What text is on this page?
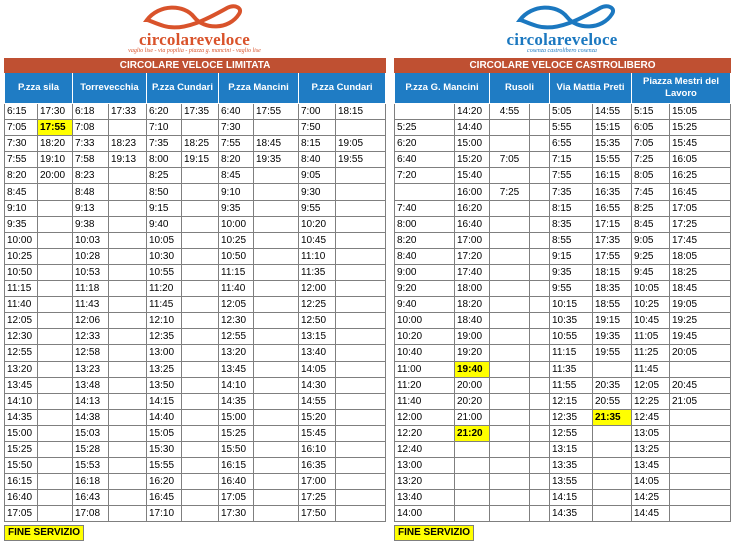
circolareveloce
vaglio lise - via popilia - piazza g. mancini - vaglio lise
CIRCOLARE VELOCE LIMITATA									
P.zza sila		Torrevecchia		P.zza Cundari		P.zza Mancini		P.zza Cundari	
6:15	17:30	6:18	17:33	6:20	17:35	6:40	17:55	7:00	18:15
7:05	17:55	7:08		7:10		7:30		7:50	
7:30	18:20	7:33	18:23	7:35	18:25	7:55	18:45	8:15	19:05
7:55	19:10	7:58	19:13	8:00	19:15	8:20	19:35	8:40	19:55
8:20	20:00	8:23		8:25		8:45		9:05	
8:45		8:48		8:50		9:10		9:30	
9:10		9:13		9:15		9:35		9:55	
9:35		9:38		9:40		10:00		10:20	
10:00		10:03		10:05		10:25		10:45	
10:25		10:28		10:30		10:50		11:10	
10:50		10:53		10:55		11:15		11:35	
11:15		11:18		11:20		11:40		12:00	
11:40		11:43		11:45		12:05		12:25	
12:05		12:06		12:10		12:30		12:50	
12:30		12:33		12:35		12:55		13:15	
12:55		12:58		13:00		13:20		13:40	
13:20		13:23		13:25		13:45		14:05	
13:45		13:48		13:50		14:10		14:30	
14:10		14:13		14:15		14:35		14:55	
14:35		14:38		14:40		15:00		15:20	
15:00		15:03		15:05		15:25		15:45	
15:25		15:28		15:30		15:50		16:10	
15:50		15:53		15:55		16:15		16:35	
16:15		16:18		16:20		16:40		17:00	
16:40		16:43		16:45		17:05		17:25	
17:05		17:08		17:10		17:30		17:50	
FINE SERVIZIO
circolareveloce
cosenza castrolibero cosenza
CIRCOLARE VELOCE CASTROLIBERO							
P.zza G. Mancini		Rusoli		Via Mattia Preti		Piazza Mestri del Lavoro	
	14:20	4:55		5:05	14:55	5:15	15:05
5:25	14:40			5:55	15:15	6:05	15:25
6:20	15:00			6:55	15:35	7:05	15:45
6:40	15:20	7:05		7:15	15:55	7:25	16:05
7:20	15:40			7:55	16:15	8:05	16:25
	16:00	7:25		7:35	16:35	7:45	16:45
7:40	16:20			8:15	16:55	8:25	17:05
8:00	16:40			8:35	17:15	8:45	17:25
8:20	17:00			8:55	17:35	9:05	17:45
8:40	17:20			9:15	17:55	9:25	18:05
9:00	17:40			9:35	18:15	9:45	18:25
9:20	18:00			9:55	18:35	10:05	18:45
9:40	18:20			10:15	18:55	10:25	19:05
10:00	18:40			10:35	19:15	10:45	19:25
10:20	19:00			10:55	19:35	11:05	19:45
10:40	19:20			11:15	19:55	11:25	20:05
11:00	19:40			11:35		11:45	
11:20	20:00			11:55	20:35	12:05	20:45
11:40	20:20			12:15	20:55	12:25	21:05
12:00	21:00			12:35	21:35	12:45	
12:20	21:20			12:55		13:05	
12:40				13:15		13:25	
13:00				13:35		13:45	
13:20				13:55		14:05	
13:40				14:15		14:25	
14:00				14:35		14:45	
FINE SERVIZIO
